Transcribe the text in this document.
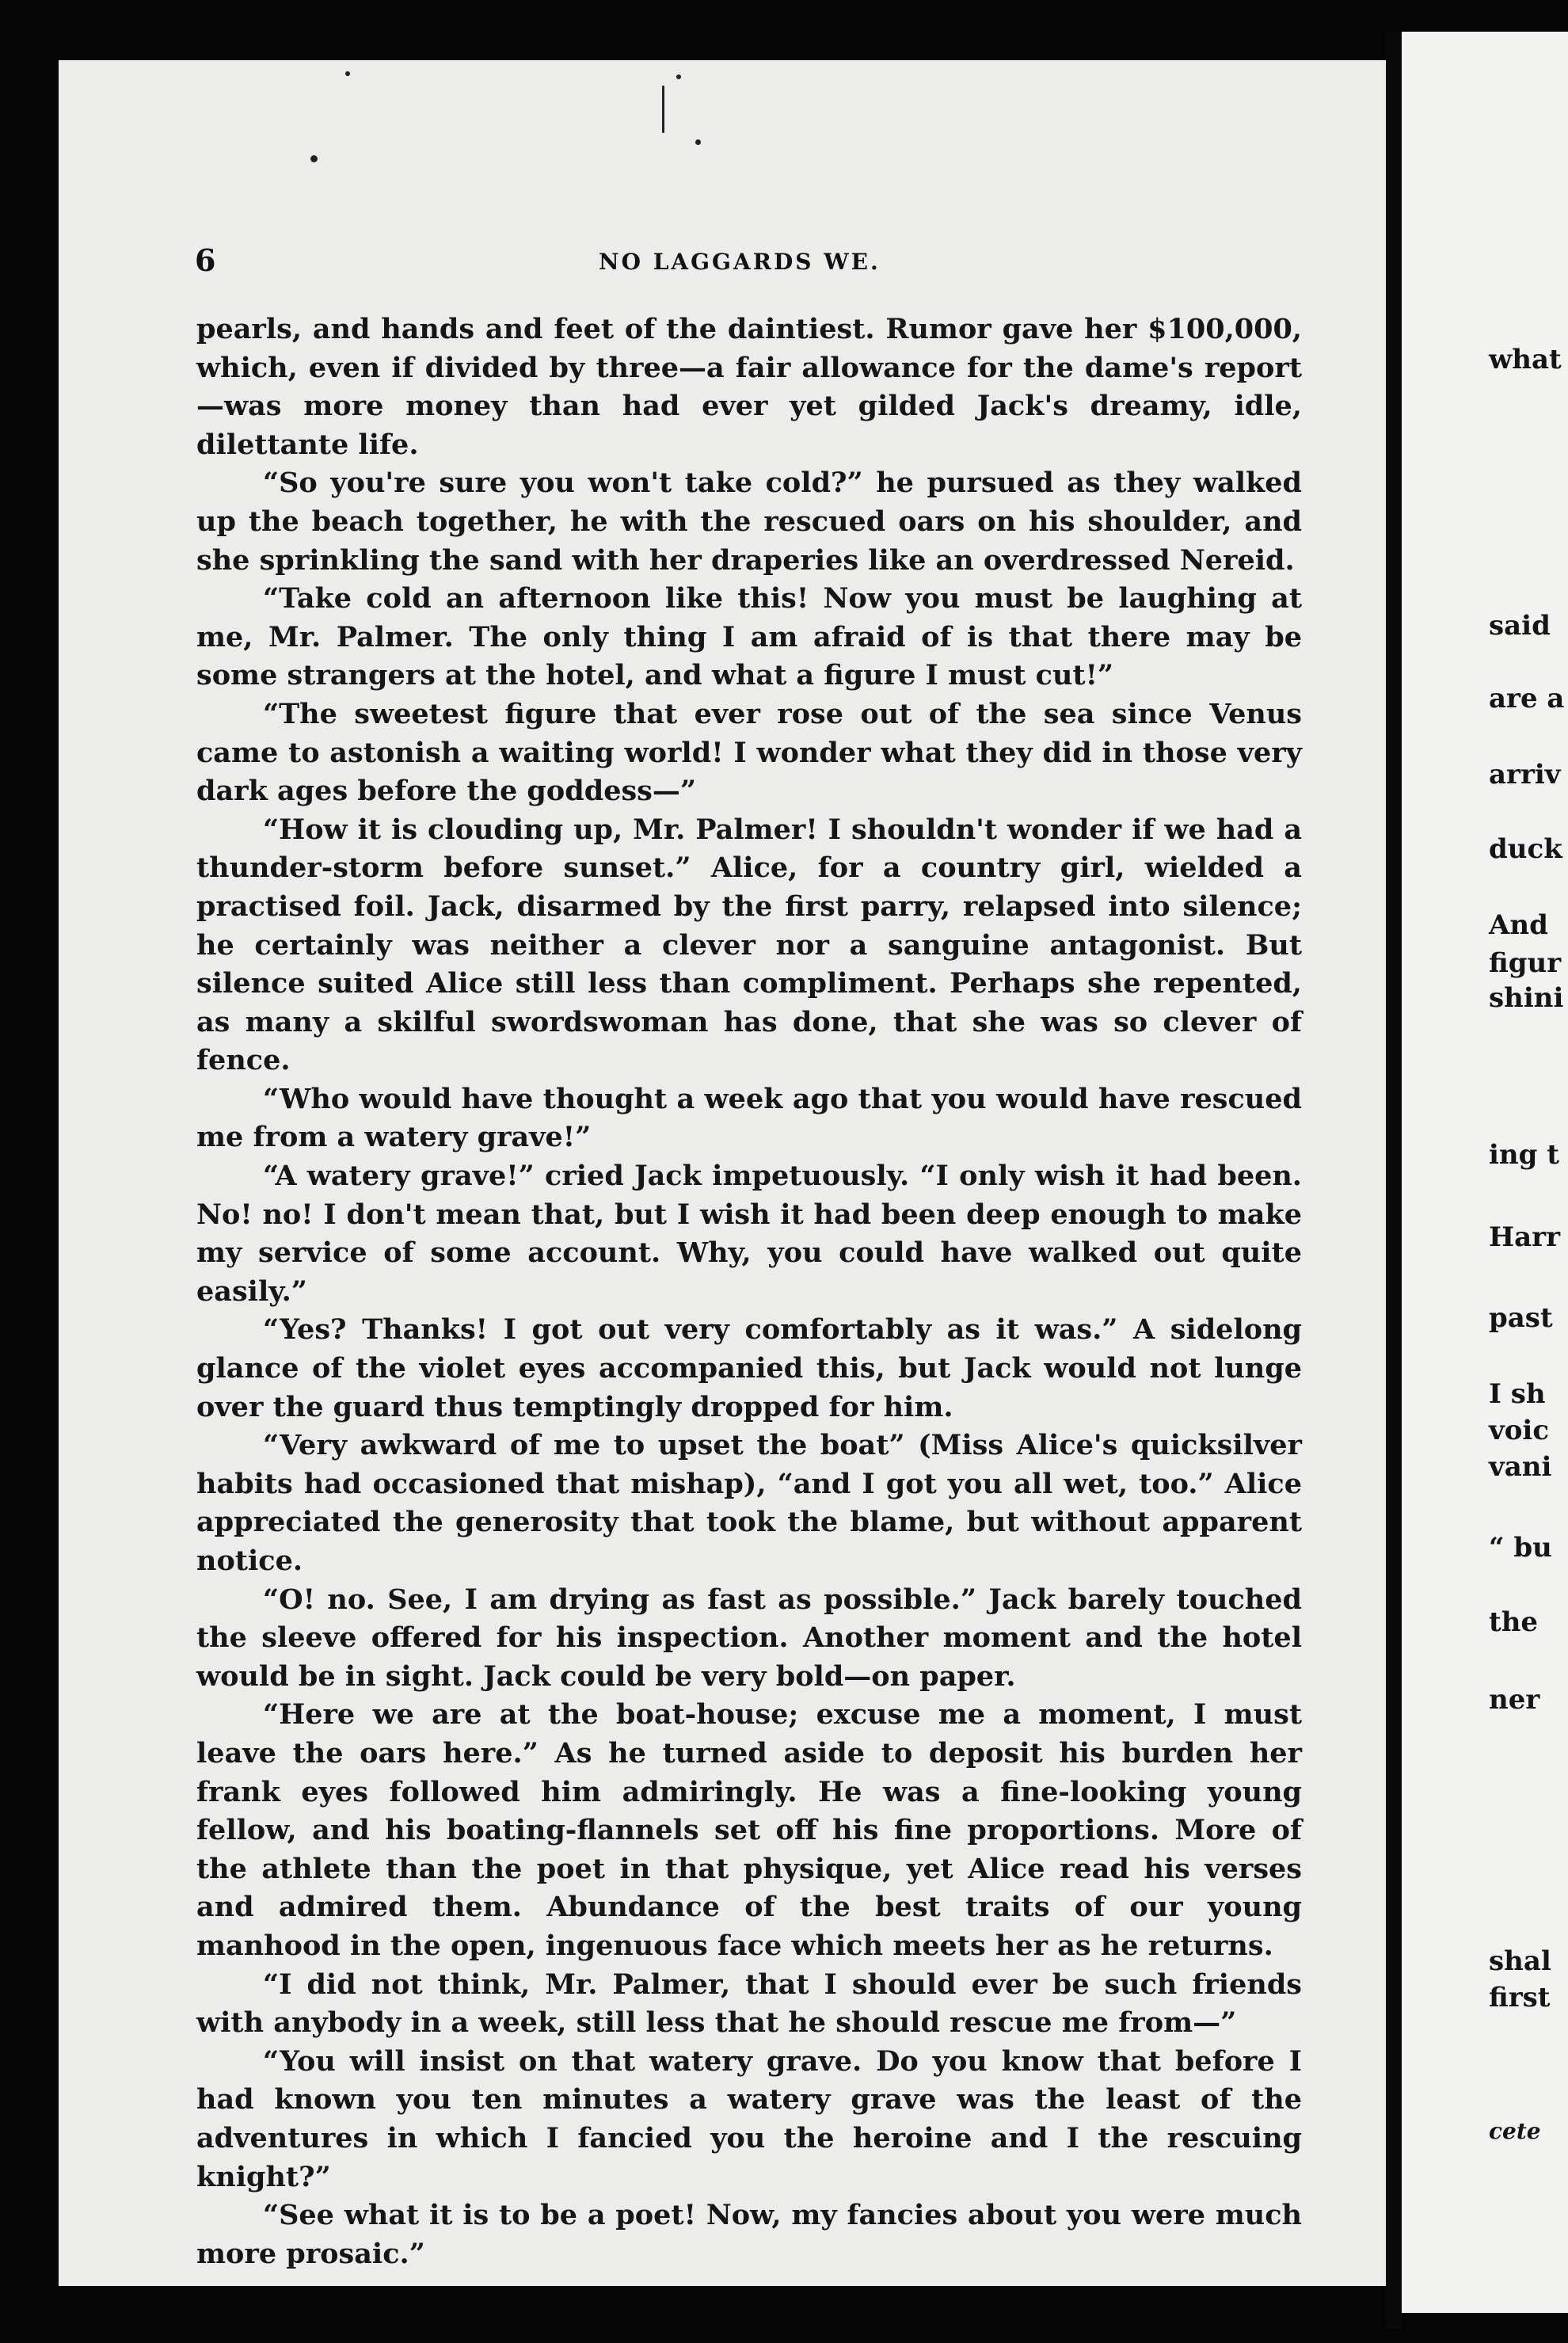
what
said
are a
arriv
duck
And
figur
shini
ing t
Harr
past
I sh
voic
vani
“ bu
the
ner
shal
first
cete
6	NO LAGGARDS WE.

pearls, and hands and feet of the daintiest. Rumor gave her $100,000, which, even if divided by three—a fair allowance for the dame's report —was more money than had ever yet gilded Jack's dreamy, idle, dilettante life.

“So you're sure you won't take cold?” he pursued as they walked up the beach together, he with the rescued oars on his shoulder, and she sprinkling the sand with her draperies like an overdressed Nereid.

“Take cold an afternoon like this! Now you must be laughing at me, Mr. Palmer. The only thing I am afraid of is that there may be some strangers at the hotel, and what a figure I must cut!”

“The sweetest figure that ever rose out of the sea since Venus came to astonish a waiting world! I wonder what they did in those very dark ages before the goddess—”

“How it is clouding up, Mr. Palmer! I shouldn't wonder if we had a thunder-storm before sunset.” Alice, for a country girl, wielded a practised foil. Jack, disarmed by the first parry, relapsed into silence; he certainly was neither a clever nor a sanguine antagonist. But silence suited Alice still less than compliment. Perhaps she repented, as many a skilful swordswoman has done, that she was so clever of fence.

“Who would have thought a week ago that you would have rescued me from a watery grave!”

“A watery grave!” cried Jack impetuously. “I only wish it had been. No! no! I don't mean that, but I wish it had been deep enough to make my service of some account. Why, you could have walked out quite easily.”

“Yes? Thanks! I got out very comfortably as it was.” A sidelong glance of the violet eyes accompanied this, but Jack would not lunge over the guard thus temptingly dropped for him.

“Very awkward of me to upset the boat” (Miss Alice's quicksilver habits had occasioned that mishap), “and I got you all wet, too.” Alice appreciated the generosity that took the blame, but without apparent notice.

“O! no. See, I am drying as fast as possible.” Jack barely touched the sleeve offered for his inspection. Another moment and the hotel would be in sight. Jack could be very bold—on paper.

“Here we are at the boat-house; excuse me a moment, I must leave the oars here.” As he turned aside to deposit his burden her frank eyes followed him admiringly. He was a fine-looking young fellow, and his boating-flannels set off his fine proportions. More of the athlete than the poet in that physique, yet Alice read his verses and admired them. Abundance of the best traits of our young manhood in the open, ingenuous face which meets her as he returns.

“I did not think, Mr. Palmer, that I should ever be such friends with anybody in a week, still less that he should rescue me from—”

“You will insist on that watery grave. Do you know that before I had known you ten minutes a watery grave was the least of the adventures in which I fancied you the heroine and I the rescuing knight?”

“See what it is to be a poet! Now, my fancies about you were much more prosaic.”
